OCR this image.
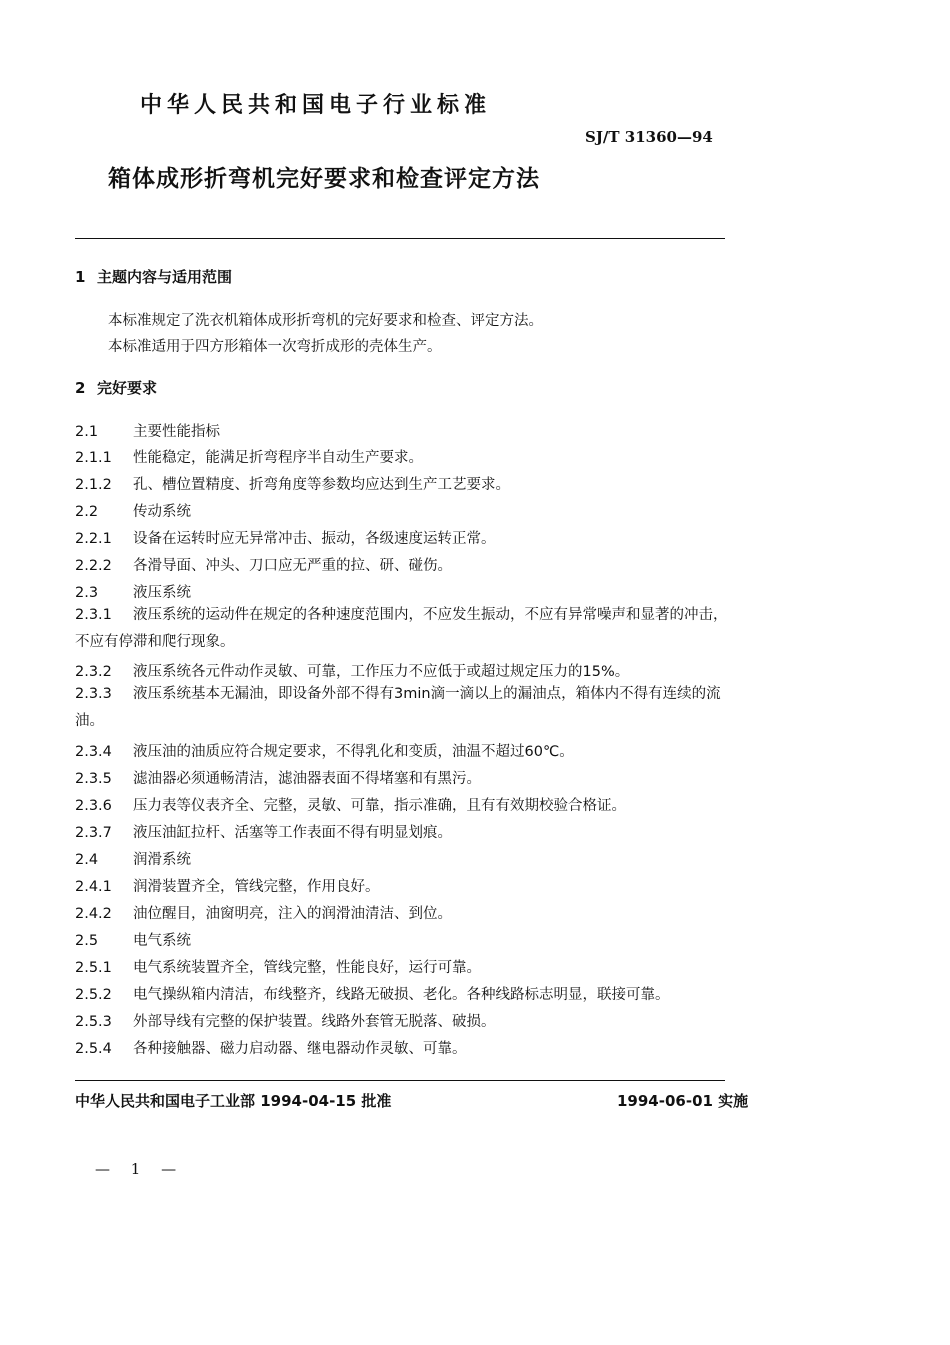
中华人民共和国电子行业标准
SJ/T 31360—94
箱体成形折弯机完好要求和检查评定方法
1 主题内容与适用范围
本标准规定了洗衣机箱体成形折弯机的完好要求和检查、评定方法。
本标准适用于四方形箱体一次弯折成形的壳体生产。
2 完好要求
2.1 主要性能指标
2.1.1 性能稳定，能满足折弯程序半自动生产要求。
2.1.2 孔、槽位置精度、折弯角度等参数均应达到生产工艺要求。
2.2 传动系统
2.2.1 设备在运转时应无异常冲击、振动，各级速度运转正常。
2.2.2 各滑导面、冲头、刀口应无严重的拉、研、碰伤。
2.3 液压系统
2.3.1 液压系统的运动件在规定的各种速度范围内，不应发生振动，不应有异常噪声和显著的冲击，不应有停滞和爬行现象。
2.3.2 液压系统各元件动作灵敏、可靠，工作压力不应低于或超过规定压力的15%。
2.3.3 液压系统基本无漏油，即设备外部不得有3min滴一滴以上的漏油点，箱体内不得有连续的流油。
2.3.4 液压油的油质应符合规定要求，不得乳化和变质，油温不超过60℃。
2.3.5 滤油器必须通畅清洁，滤油器表面不得堵塞和有黑污。
2.3.6 压力表等仪表齐全、完整，灵敏、可靠，指示准确，且有有效期校验合格证。
2.3.7 液压油缸拉杆、活塞等工作表面不得有明显划痕。
2.4 润滑系统
2.4.1 润滑装置齐全，管线完整，作用良好。
2.4.2 油位醒目，油窗明亮，注入的润滑油清洁、到位。
2.5 电气系统
2.5.1 电气系统装置齐全，管线完整，性能良好，运行可靠。
2.5.2 电气操纵箱内清洁，布线整齐，线路无破损、老化。各种线路标志明显，联接可靠。
2.5.3 外部导线有完整的保护装置。线路外套管无脱落、破损。
2.5.4 各种接触器、磁力启动器、继电器动作灵敏、可靠。
中华人民共和国电子工业部 1994-04-15 批准	1994-06-01 实施
— 1 —
